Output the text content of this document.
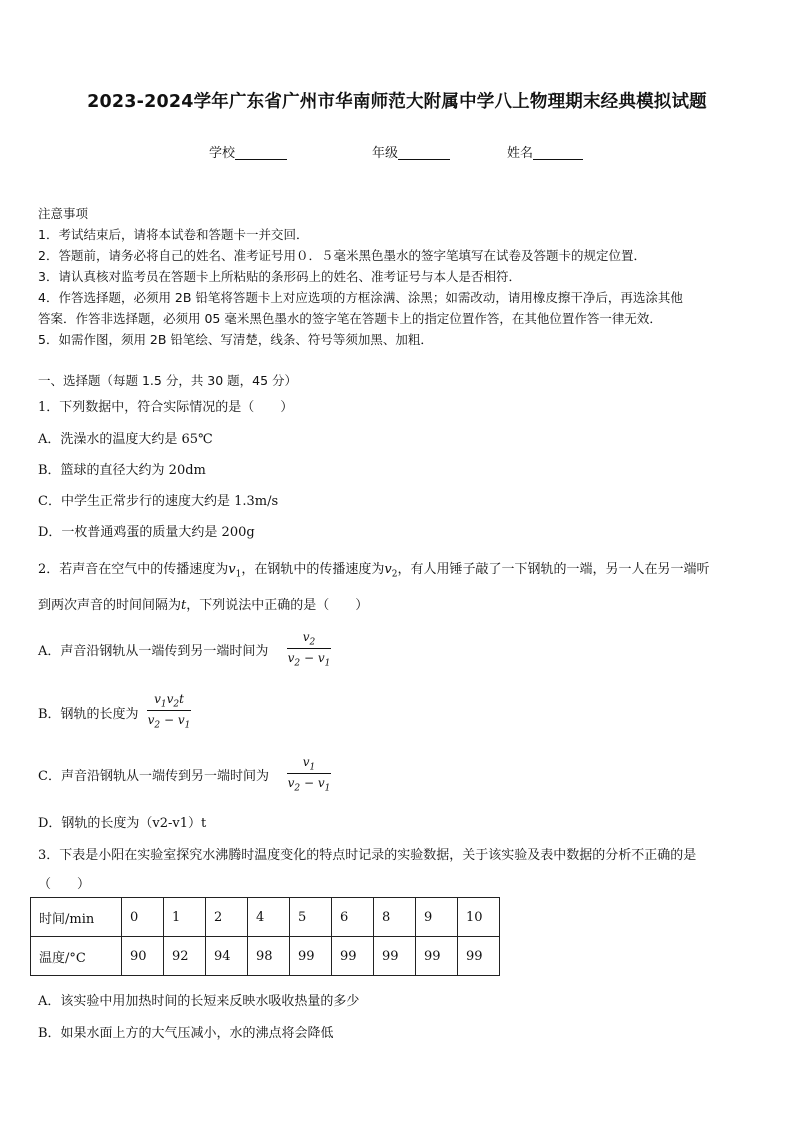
2023-2024学年广东省广州市华南师范大附属中学八上物理期末经典模拟试题
学校	年级	姓名
注意事项
1．考试结束后，请将本试卷和答题卡一并交回．
2．答题前，请务必将自己的姓名、准考证号用０．５毫米黑色墨水的签字笔填写在试卷及答题卡的规定位置．
3．请认真核对监考员在答题卡上所粘贴的条形码上的姓名、准考证号与本人是否相符．
4．作答选择题，必须用 2B 铅笔将答题卡上对应选项的方框涂满、涂黑；如需改动，请用橡皮擦干净后，再选涂其他
答案．作答非选择题，必须用 05 毫米黑色墨水的签字笔在答题卡上的指定位置作答，在其他位置作答一律无效．
5．如需作图，须用 2B 铅笔绘、写清楚，线条、符号等须加黑、加粗．
一、选择题（每题 1.5 分，共 30 题，45 分）
1．下列数据中，符合实际情况的是（　　）
A．洗澡水的温度大约是 65℃
B．篮球的直径大约为 20dm
C．中学生正常步行的速度大约是 1.3m/s
D．一枚普通鸡蛋的质量大约是 200g
2．若声音在空气中的传播速度为$v_1$，在钢轨中的传播速度为$v_2$，有人用锤子敲了一下钢轨的一端，另一人在另一端听
到两次声音的时间间隔为t，下列说法中正确的是（　　）
A．声音沿钢轨从一端传到另一端时间为
$v_2$
$v_2 - v_1$
B．钢轨的长度为
$v_1v_2t$
$v_2 - v_1$
C．声音沿钢轨从一端传到另一端时间为
$v_1$
$v_2 - v_1$
D．钢轨的长度为（v2-v1）t
3．下表是小阳在实验室探究水沸腾时温度变化的特点时记录的实验数据，关于该实验及表中数据的分析不正确的是
（　　）
时间/min	0	1	2	4	5	6	8	9	10
温度/°C	90	92	94	98	99	99	99	99	99
A．该实验中用加热时间的长短来反映水吸收热量的多少
B．如果水面上方的大气压减小，水的沸点将会降低
